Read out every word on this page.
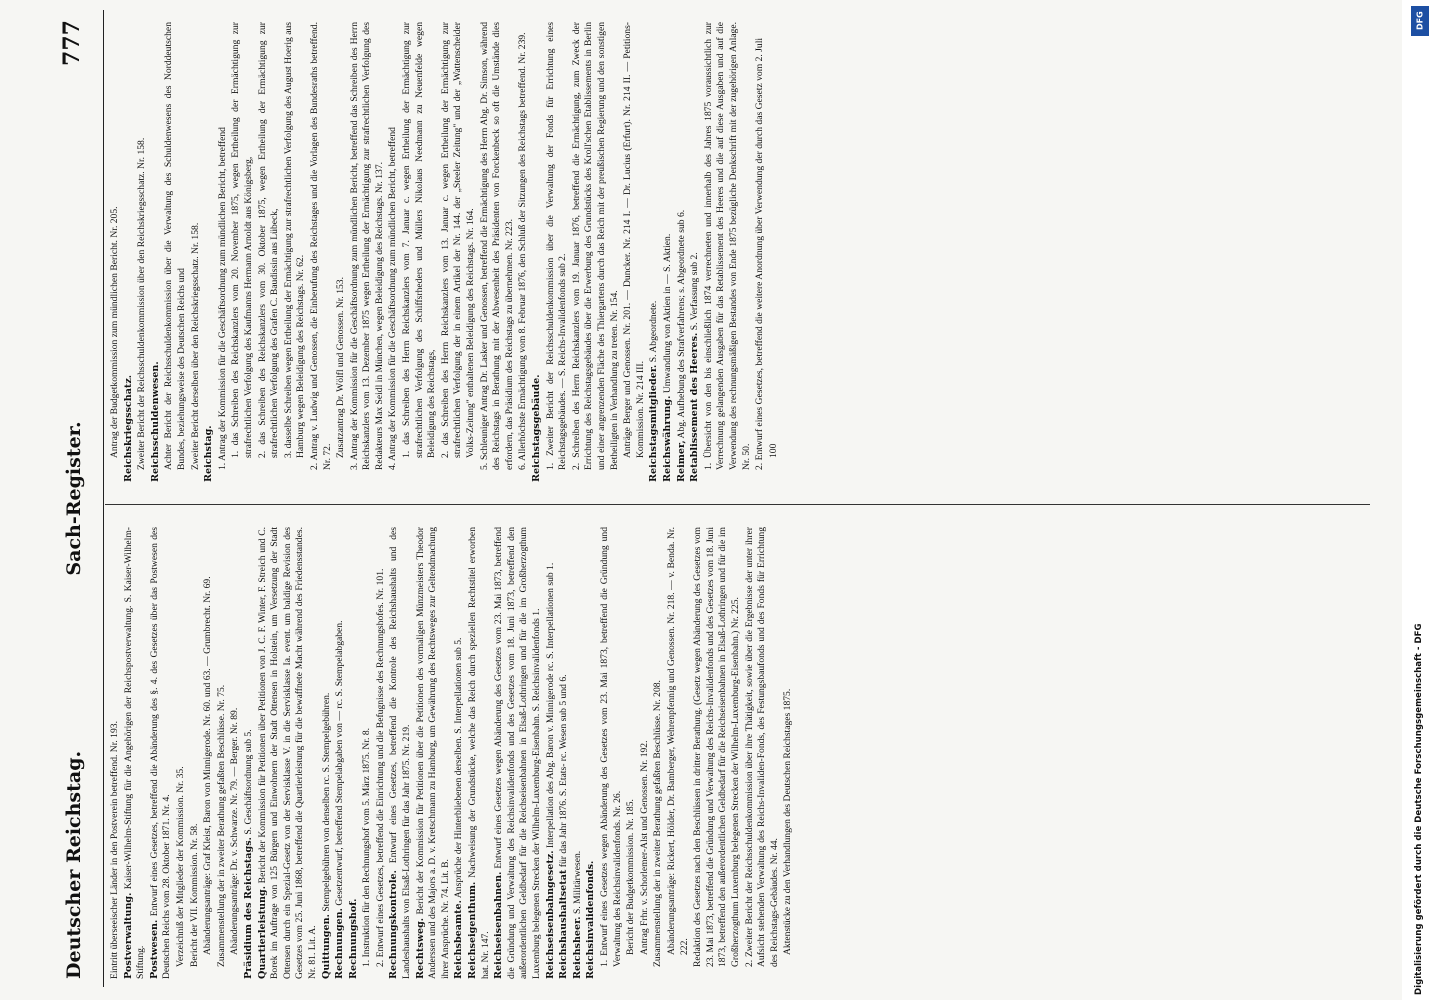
Deutscher Reichstag.
Sach-Register.
777
Eintritt überseeischer Länder in den Postverein betreffend. Nr. 193. Postverwaltung. Kaiser-Wilhelm-Stiftung für die Angehörigen der Reichspostverwaltung. S. Kaiser-Wilhelm-Stiftung. Postwesen. Entwurf eines Gesetzes, betreffend die Abänderung des §. 4. des Gesetzes über das Postwesen des Deutschen Reichs vom 28. Oktober 1871. Nr. 4. Verzeichniß der Mitglieder der Kommission. Nr. 35. Bericht der VII. Kommission. Nr. 58. Abänderungsanträge: Graf Kleist, Baron von Minnigerode. Nr. 60. und 63. — Grumbrecht. Nr. 69. Zusammenstellung der in zweiter Berathung gefaßten Beschlüsse. Nr. 75. Abänderungsanträge: Dr. v. Schwarze. Nr. 79. — Berger. Nr. 89. Präsidium des Reichstags. S. Geschäftsordnung sub 5.
Quartierleistung. Bericht der Kommission für Petitionen über Petitionen von J. C. F. Winter, F. Streich und C. Borek im Auftrage von 125 Bürgern und Einwohnern der Stadt Ottensen in Holstein, um Versetzung der Stadt Ottensen durch ein Spezial-Gesetz von der Servisklasse V. in die Servisklasse Ia. event. um baldige Revision des Gesetzes vom 25. Juni 1868, betreffend die Quartierleistung für die bewaffnete Macht während des Friedensstandes. Nr. 81. Lit. A. Quittungen. Stempelgebühren von denselben rc. S. Stempelgebühren.
Rechnungen. Gesetzentwurf, betreffend Stempelabgaben von — rc. S. Stempelabgaben.
Rechnungshof. 1. Instruktion für den Rechnungshof vom 5. März 1875. Nr. 8. 2. Entwurf eines Gesetzes, betreffend die Einrichtung und die Befugnisse des Rechnungshofes. Nr. 101. Rechnungskontrole. Entwurf eines Gesetzes, betreffend die Kontrole des Reichshaushalts und des Landeshaushalts von Elsaß-Lothringen für das Jahr 1875. Nr. 219. Rechtsweg. Bericht der Kommission für Petitionen über die Petitionen des vormaligen Münzmeisters Theodor Anderssen und des Majors a. D. v. Kretschmann zu Hamburg, um Gewährung des Rechtsweges zur Geltendmachung ihrer Ansprüche. Nr. 74. Lit. B. Reichsbeamte. Ansprüche der Hinterbliebenen derselben. S. Interpellationen sub 5.
Reichseigenthum. Nachweisung der Grundstücke, welche das Reich durch speziellen Rechtstitel erworben hat. Nr. 147. Reichseisenbahnen. Entwurf eines Gesetzes wegen Abänderung des Gesetzes vom 23. Mai 1873, betreffend die Gründung und Verwaltung des Reichsinvalidenfonds und des Gesetzes vom 18. Juni 1873, betreffend den außerordentlichen Geldbedarf für die Reichseisenbahnen in Elsaß-Lothringen und für die im Großherzogthum Luxemburg belegenen Strecken der Wilhelm-Luxemburg-Eisenbahn. S. Reichsinvalidenfonds 1. Reichseisenbahngesetz. Interpellation des Abg. Baron v. Minnigerode rc. S. Interpellationen sub 1.
Reichshaushaltsetat für das Jahr 1876. S. Etats- rc. Wesen sub 5 und 6.
Reichsheer. S. Militärwesen. Reichsinvalidenfonds. 1. Entwurf eines Gesetzes wegen Abänderung des Gesetzes vom 23. Mai 1873, betreffend die Gründung und Verwaltung des Reichsinvalidenfonds. Nr. 26. Bericht der Budgetkommission. Nr. 185. Antrag Frhr. v. Schorlemer-Alst und Genossen. Nr. 192. Zusammenstellung der in zweiter Berathung gefaßten Beschlüsse. Nr. 208. Abänderungsanträge: Rickert, Hölder, Dr. Bamberger, Wehrenpfennig und Genossen. Nr. 218. — v. Benda. Nr. 222. Redaktion des Gesetzes nach den Beschlüssen in dritter Berathung. (Gesetz wegen Abänderung des Gesetzes vom 23. Mai 1873, betreffend die Gründung und Verwaltung des Reichs-Invalidenfonds und des Gesetzes vom 18. Juni 1873, betreffend den außerordentlichen Geldbedarf für die Reichseisenbahnen in Elsaß-Lothringen und für die im Großherzogthum Luxemburg belegenen Strecken der Wilhelm-Luxemburg-Eisenbahn.) Nr. 225. 2. Zweiter Bericht der Reichsschuldenkommission über ihre Thätigkeit, sowie über die Ergebnisse der unter ihrer Aufsicht stehenden Verwaltung des Reichs-Invaliden-Fonds, des Festungsbaufonds und des Fonds für Errichtung des Reichstags-Gebäudes. Nr. 44. Aktenstücke zu den Verhandlungen des Deutschen Reichstages 1875.
Antrag der Budgetkommission zum mündlichen Bericht. Nr. 205. Reichskriegsschatz. Zweiter Bericht der Reichsschuldenkommission über den Reichskriegsschatz. Nr. 158. Reichsschuldenwesen. Achter Bericht der Reichsschuldenkommission über die Verwaltung des Schuldenwesens des Norddeutschen Bundes, beziehungsweise des Deutschen Reichs und Zweiter Bericht derselben über den Reichskriegsschatz. Nr. 158. Reichstag. 1. Antrag der Kommission für die Geschäftsordnung zum mündlichen Bericht, betreffend 1. das Schreiben des Reichskanzlers vom 20. November 1875, wegen Ertheilung der Ermächtigung zur strafrechtlichen Verfolgung des Kaufmanns Hermann Arnoldt aus Königsberg, 2. das Schreiben des Reichskanzlers vom 30. Oktober 1875, wegen Ertheilung der Ermächtigung zur strafrechtlichen Verfolgung des Grafen C. Baudissin aus Lübeck, 3. dasselbe Schreiben wegen Ertheilung der Ermächtigung zur strafrechtlichen Verfolgung des August Hoerig aus Hamburg wegen Beleidigung des Reichstags. Nr. 62. 2. Antrag v. Ludwig und Genossen, die Einberufung des Reichstages und die Vorlagen des Bundesraths betreffend. Nr. 72. Zusatzantrag Dr. Wölfl und Genossen. Nr. 153. 3. Antrag der Kommission für die Geschäftsordnung zum mündlichen Bericht, betreffend das Schreiben des Herrn Reichskanzlers vom 13. Dezember 1875 wegen Ertheilung der Ermächtigung zur strafrechtlichen Verfolgung des Redakteurs Max Seidl in München, wegen Beleidigung des Reichstags. Nr. 137. 4. Antrag der Kommission für die Geschäftsordnung zum mündlichen Bericht, betreffend 1. das Schreiben des Herrn Reichskanzlers vom 7. Januar c. wegen Ertheilung der Ermächtigung zur strafrechtlichen Verfolgung des Schiffsrheders und Müllers Nikolaus Needmann zu Neuenfelde wegen Beleidigung des Reichstags, 2. das Schreiben des Herrn Reichskanzlers vom 13. Januar c. wegen Ertheilung der Ermächtigung zur strafrechtlichen Verfolgung der in einem Artikel der Nr. 144. der „Steeler Zeitung" und der „Wattenscheider Volks-Zeitung" enthaltenen Beleidigung des Reichstags. Nr. 164. 5. Schleuniger Antrag Dr. Lasker und Genossen, betreffend die Ermächtigung des Herrn Abg. Dr. Simson, während des Reichstags in Berathung mit der Abwesenheit des Präsidenten von Forckenbeck so oft die Umstände dies erfordern, das Präsidium des Reichstags zu übernehmen. Nr. 223. 6. Allerhöchste Ermächtigung vom 8. Februar 1876, den Schluß der Sitzungen des Reichstags betreffend. Nr. 239. Reichstagsgebäude. 1. Zweiter Bericht der Reichsschuldenkommission über die Verwaltung der Fonds für Errichtung eines Reichstagsgebäudes. — S. Reichs-Invalidenfonds sub 2. 2. Schreiben des Herrn Reichskanzlers vom 19. Januar 1876, betreffend die Ermächtigung, zum Zweck der Errichtung des Reichstagsgebäudes über die Erwerbung des Grundstücks des Kroll'schen Etablissements in Berlin und einer angrenzenden Fläche des Thiergartens durch das Reich mit der preußischen Regierung und den sonstigen Betheiligten in Verhandlung zu treten. Nr. 154. Anträge Berger und Genossen. Nr. 201. — Duncker. Nr. 214 I. — Dr. Lucius (Erfurt). Nr. 214 II. — Petitions-Kommission. Nr. 214 III. Reichstagsmitglieder. S. Abgeordnete.
Reichswährung. Umwandlung von Aktien in — S. Aktien.
Reimer, Abg. Aufhebung des Strafverfahrens; s. Abgeordnete sub 6. Retablissement des Heeres. S. Verfassung sub 2. 1. Übersicht von den bis einschließlich 1874 verrechneten und innerhalb des Jahres 1875 voraussichtlich zur Verrechnung gelangenden Ausgaben für das Retablissement des Heeres und die auf diese Ausgaben und auf die Verwendung des rechnungsmäßigen Bestandes von Ende 1875 bezügliche Denkschrift mit der zugehörigen Anlage. Nr. 50. 2. Entwurf eines Gesetzes, betreffend die weitere Anordnung über Verwendung der durch das Gesetz vom 2. Juli 100
Digitalisierung gefördert durch die Deutsche Forschungsgemeinschaft - DFG
DFG
